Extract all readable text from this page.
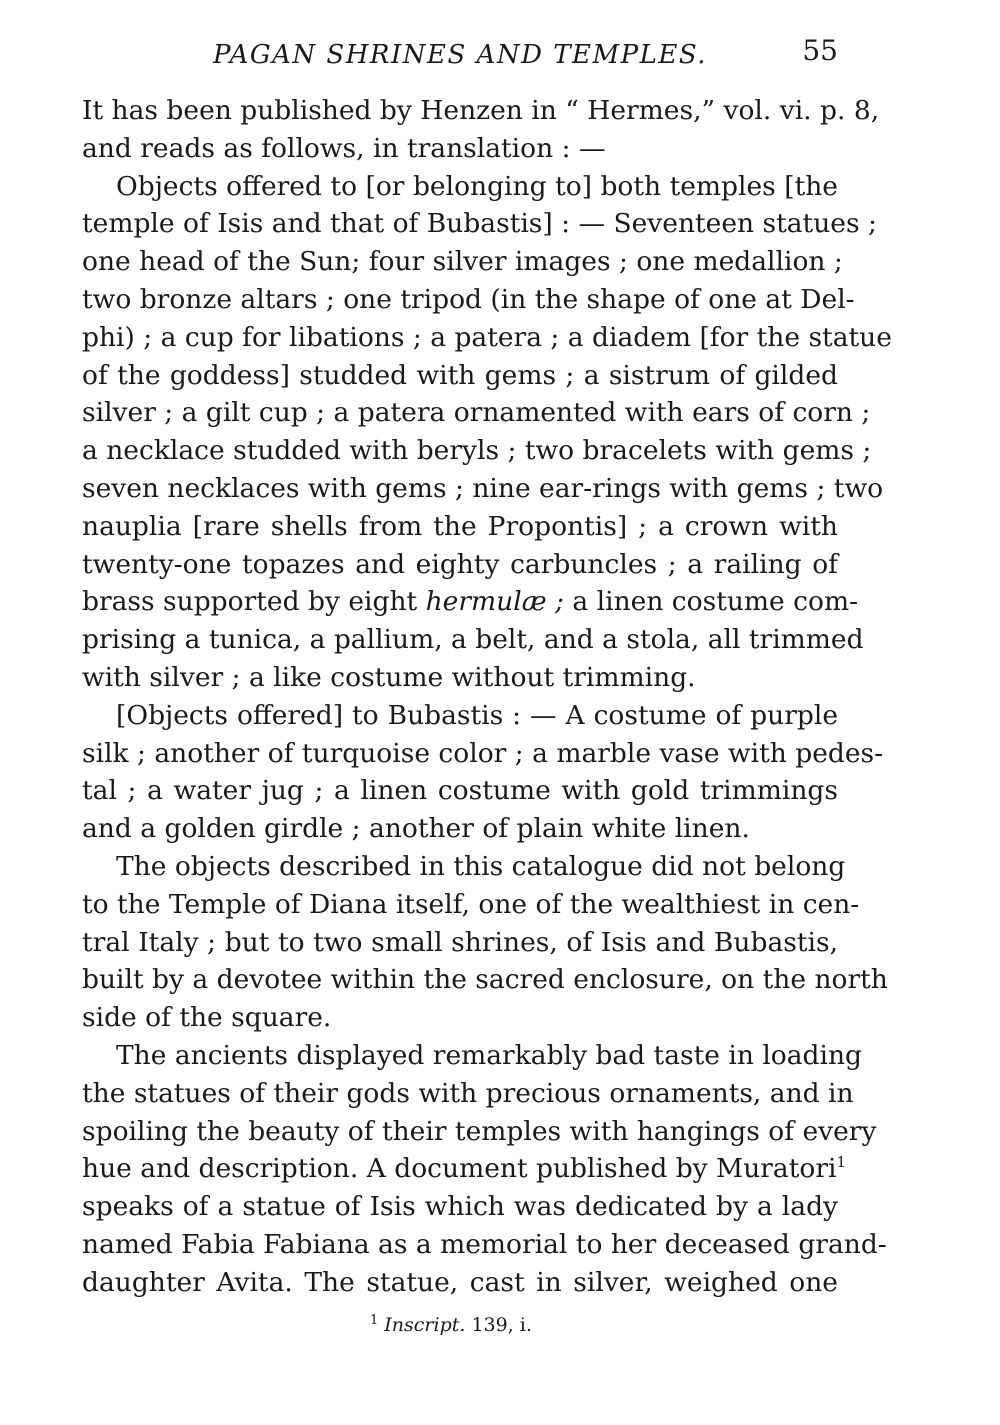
PAGAN SHRINES AND TEMPLES.	55
It has been published by Henzen in “ Hermes,” vol. vi. p. 8,
and reads as follows, in translation : —
Objects offered to [or belonging to] both temples [the
temple of Isis and that of Bubastis] : — Seventeen statues ;
one head of the Sun; four silver images ; one medallion ;
two bronze altars ; one tripod (in the shape of one at Del-
phi) ; a cup for libations ; a patera ; a diadem [for the statue
of the goddess] studded with gems ; a sistrum of gilded
silver ; a gilt cup ; a patera ornamented with ears of corn ;
a necklace studded with beryls ; two bracelets with gems ;
seven necklaces with gems ; nine ear-rings with gems ; two
nauplia [rare shells from the Propontis] ; a crown with
twenty-one topazes and eighty carbuncles ; a railing of
brass supported by eight hermulæ ; a linen costume com-
prising a tunica, a pallium, a belt, and a stola, all trimmed
with silver ; a like costume without trimming.
[Objects offered] to Bubastis : — A costume of purple
silk ; another of turquoise color ; a marble vase with pedes-
tal ; a water jug ; a linen costume with gold trimmings
and a golden girdle ; another of plain white linen.
The objects described in this catalogue did not belong
to the Temple of Diana itself, one of the wealthiest in cen-
tral Italy ; but to two small shrines, of Isis and Bubastis,
built by a devotee within the sacred enclosure, on the north
side of the square.
The ancients displayed remarkably bad taste in loading
the statues of their gods with precious ornaments, and in
spoiling the beauty of their temples with hangings of every
hue and description. A document published by Muratori$^1$
speaks of a statue of Isis which was dedicated by a lady
named Fabia Fabiana as a memorial to her deceased grand-
daughter Avita. The statue, cast in silver, weighed one
$^1$ Inscript. 139, i.
